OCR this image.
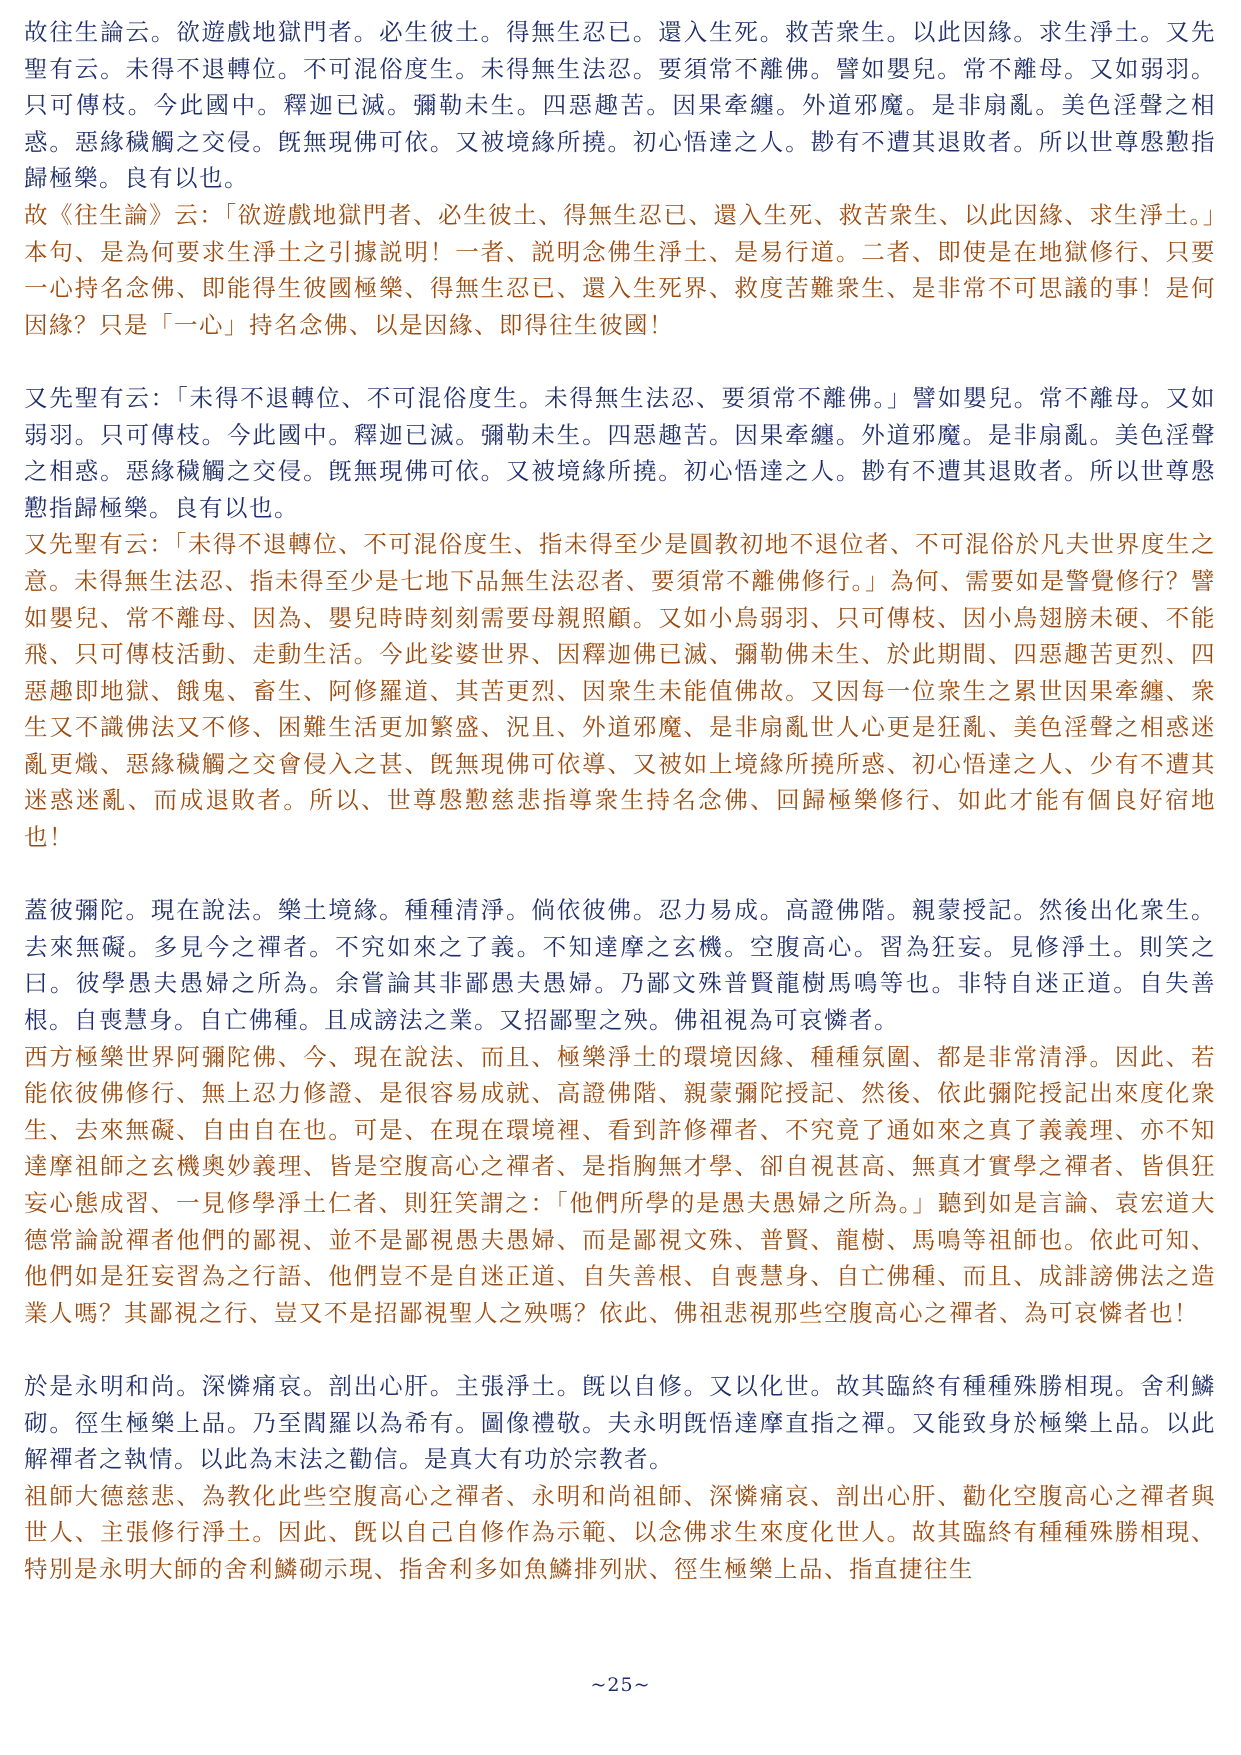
故往生論云。欲遊戲地獄門者。必生彼土。得無生忍已。還入生死。救苦衆生。以此因緣。求生淨土。又先聖有云。未得不退轉位。不可混俗度生。未得無生法忍。要須常不離佛。譬如嬰兒。常不離母。又如弱羽。只可傳枝。今此國中。釋迦已滅。彌勒未生。四惡趣苦。因果牽纏。外道邪魔。是非扇亂。美色淫聲之相惑。惡緣穢觸之交侵。旣無現佛可依。又被境緣所撓。初心悟達之人。尠有不遭其退敗者。所以世尊慇懃指歸極樂。良有以也。

故《往生論》云：「欲遊戲地獄門者、必生彼土、得無生忍已、還入生死、救苦衆生、以此因緣、求生淨土。」本句、是為何要求生淨土之引據説明！一者、説明念佛生淨土、是易行道。二者、即使是在地獄修行、只要一心持名念佛、即能得生彼國極樂、得無生忍已、還入生死界、救度苦難衆生、是非常不可思議的事！是何因緣？只是「一心」持名念佛、以是因緣、即得往生彼國！

又先聖有云：「未得不退轉位、不可混俗度生。未得無生法忍、要須常不離佛。」譬如嬰兒。常不離母。又如弱羽。只可傳枝。今此國中。釋迦已滅。彌勒未生。四惡趣苦。因果牽纏。外道邪魔。是非扇亂。美色淫聲之相惑。惡緣穢觸之交侵。旣無現佛可依。又被境緣所撓。初心悟達之人。尠有不遭其退敗者。所以世尊慇懃指歸極樂。良有以也。

又先聖有云：「未得不退轉位、不可混俗度生、指未得至少是圓教初地不退位者、不可混俗於凡夫世界度生之意。未得無生法忍、指未得至少是七地下品無生法忍者、要須常不離佛修行。」為何、需要如是警覺修行？譬如嬰兒、常不離母、因為、嬰兒時時刻刻需要母親照顧。又如小鳥弱羽、只可傳枝、因小鳥翅膀未硬、不能飛、只可傳枝活動、走動生活。今此娑婆世界、因釋迦佛已滅、彌勒佛未生、於此期間、四惡趣苦更烈、四惡趣即地獄、餓鬼、畜生、阿修羅道、其苦更烈、因衆生未能值佛故。又因每一位衆生之累世因果牽纏、衆生又不識佛法又不修、困難生活更加繁盛、況且、外道邪魔、是非扇亂世人心更是狂亂、美色淫聲之相惑迷亂更熾、惡緣穢觸之交會侵入之甚、旣無現佛可依導、又被如上境緣所撓所惑、初心悟達之人、少有不遭其迷惑迷亂、而成退敗者。所以、世尊慇懃慈悲指導衆生持名念佛、回歸極樂修行、如此才能有個良好宿地也！

蓋彼彌陀。現在說法。樂土境緣。種種清淨。倘依彼佛。忍力易成。高證佛階。親蒙授記。然後出化衆生。去來無礙。多見今之禪者。不究如來之了義。不知達摩之玄機。空腹高心。習為狂妄。見修淨土。則笑之曰。彼學愚夫愚婦之所為。余嘗論其非鄙愚夫愚婦。乃鄙文殊普賢龍樹馬鳴等也。非特自迷正道。自失善根。自喪慧身。自亡佛種。且成謗法之業。又招鄙聖之殃。佛祖視為可哀憐者。

西方極樂世界阿彌陀佛、今、現在說法、而且、極樂淨土的環境因緣、種種氛圍、都是非常清淨。因此、若能依彼佛修行、無上忍力修證、是很容易成就、高證佛階、親蒙彌陀授記、然後、依此彌陀授記出來度化衆生、去來無礙、自由自在也。可是、在現在環境裡、看到許修禪者、不究竟了通如來之真了義義理、亦不知達摩祖師之玄機奧妙義理、皆是空腹高心之禪者、是指胸無才學、卻自視甚高、無真才實學之禪者、皆俱狂妄心態成習、一見修學淨土仁者、則狂笑謂之：「他們所學的是愚夫愚婦之所為。」聽到如是言論、袁宏道大德常論說禪者他們的鄙視、並不是鄙視愚夫愚婦、而是鄙視文殊、普賢、龍樹、馬鳴等祖師也。依此可知、他們如是狂妄習為之行語、他們豈不是自迷正道、自失善根、自喪慧身、自亡佛種、而且、成誹謗佛法之造業人嗎？其鄙視之行、豈又不是招鄙視聖人之殃嗎？依此、佛祖悲視那些空腹高心之禪者、為可哀憐者也！

於是永明和尚。深憐痛哀。剖出心肝。主張淨土。旣以自修。又以化世。故其臨終有種種殊勝相現。舍利鱗砌。徑生極樂上品。乃至閻羅以為希有。圖像禮敬。夫永明旣悟達摩直指之禪。又能致身於極樂上品。以此解禪者之執情。以此為末法之勸信。是真大有功於宗教者。

祖師大德慈悲、為教化此些空腹高心之禪者、永明和尚祖師、深憐痛哀、剖出心肝、勸化空腹高心之禪者與世人、主張修行淨土。因此、旣以自己自修作為示範、以念佛求生來度化世人。故其臨終有種種殊勝相現、特別是永明大師的舍利鱗砌示現、指舍利多如魚鱗排列狀、徑生極樂上品、指直捷往生

~25~
